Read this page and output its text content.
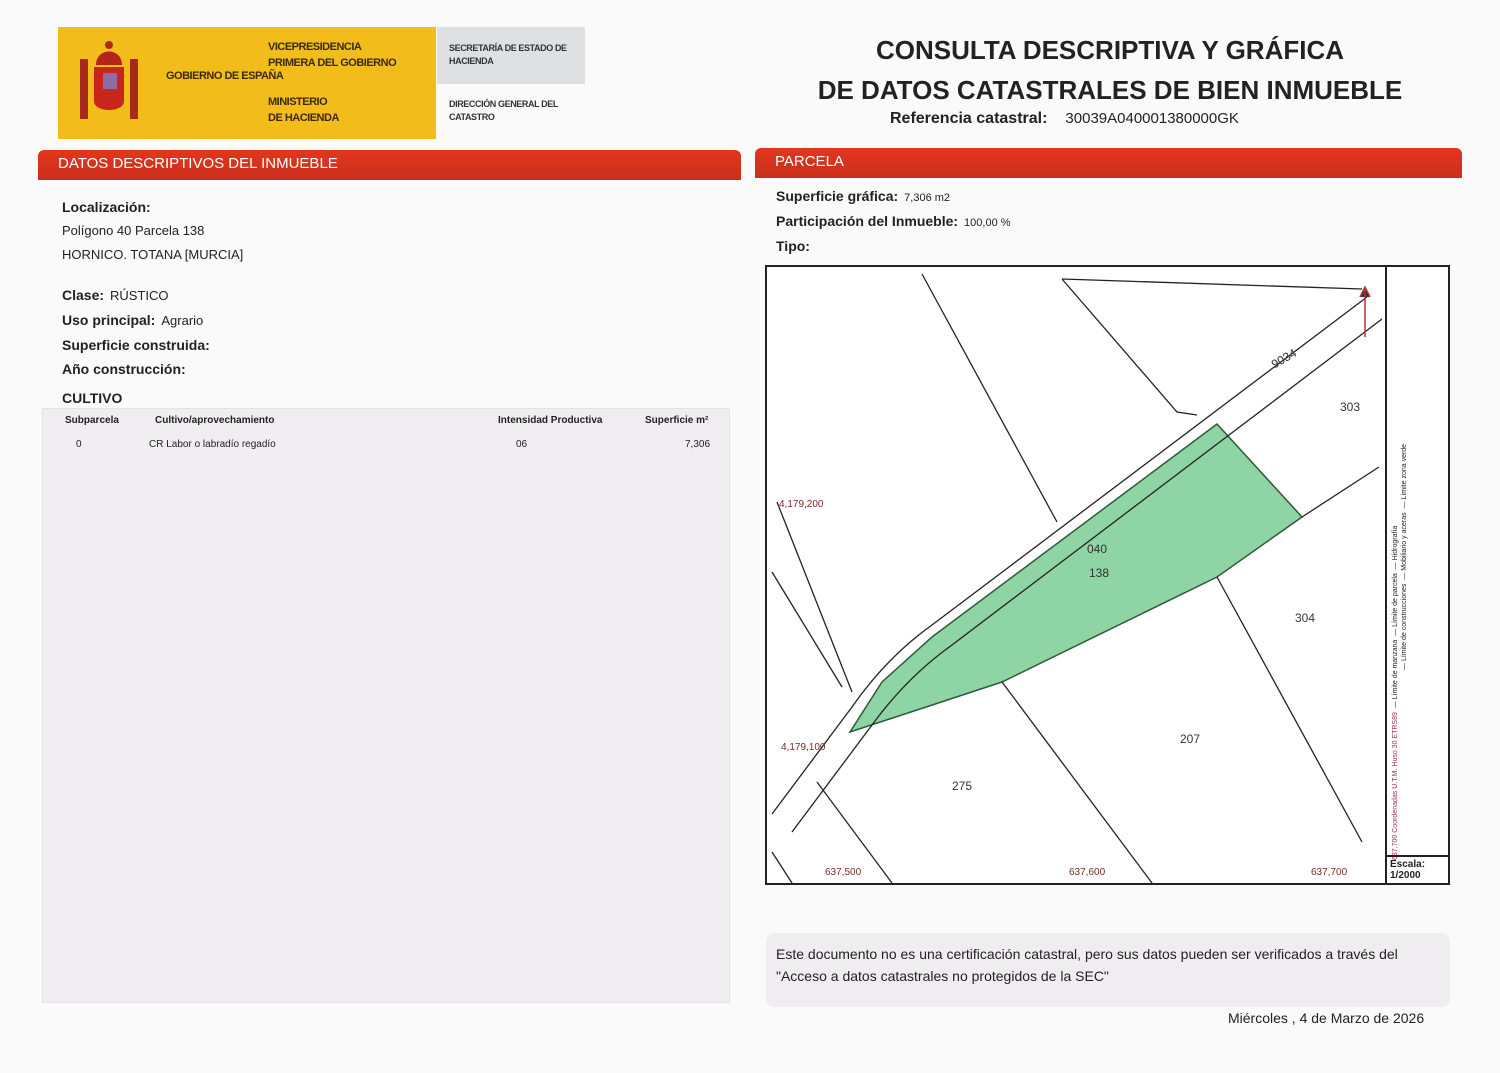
GOBIERNO DE ESPAÑA
VICEPRESIDENCIA
PRIMERA DEL GOBIERNO
MINISTERIO
DE HACIENDA
SECRETARÍA DE ESTADO DE HACIENDA
DIRECCIÓN GENERAL DEL CATASTRO
CONSULTA DESCRIPTIVA Y GRÁFICA
DE DATOS CATASTRALES DE BIEN INMUEBLE
Referencia catastral: 30039A040001380000GK
DATOS DESCRIPTIVOS DEL INMUEBLE	PARCELA
Localización:
Polígono 40 Parcela 138
HORNICO. TOTANA [MURCIA]
Clase: RÚSTICO
Uso principal: Agrario
Superficie construida:
Año construcción:
CULTIVO
Subparcela	Cultivo/aprovechamiento	Intensidad Productiva	Superficie m²
0	CR Labor o labradío regadío	06	7,306
Superficie gráfica: 7,306 m2
Participación del Inmueble: 100,00 %
Tipo:
9034
303
040
138
304
207
275
4,179,200
4,179,100
637,500	637,600	637,700
637,700 Coordenadas U.T.M. Huso 30 ETRS89  — Límite de manzana  — Límite de parcela  — Hidrografía
— Límite de construcciones  — Mobiliario y aceras  — Límite zona verde
Escala:
1/2000
Este documento no es una certificación catastral, pero sus datos pueden ser verificados a través del "Acceso a datos catastrales no protegidos de la SEC"
Miércoles , 4 de Marzo de 2026
